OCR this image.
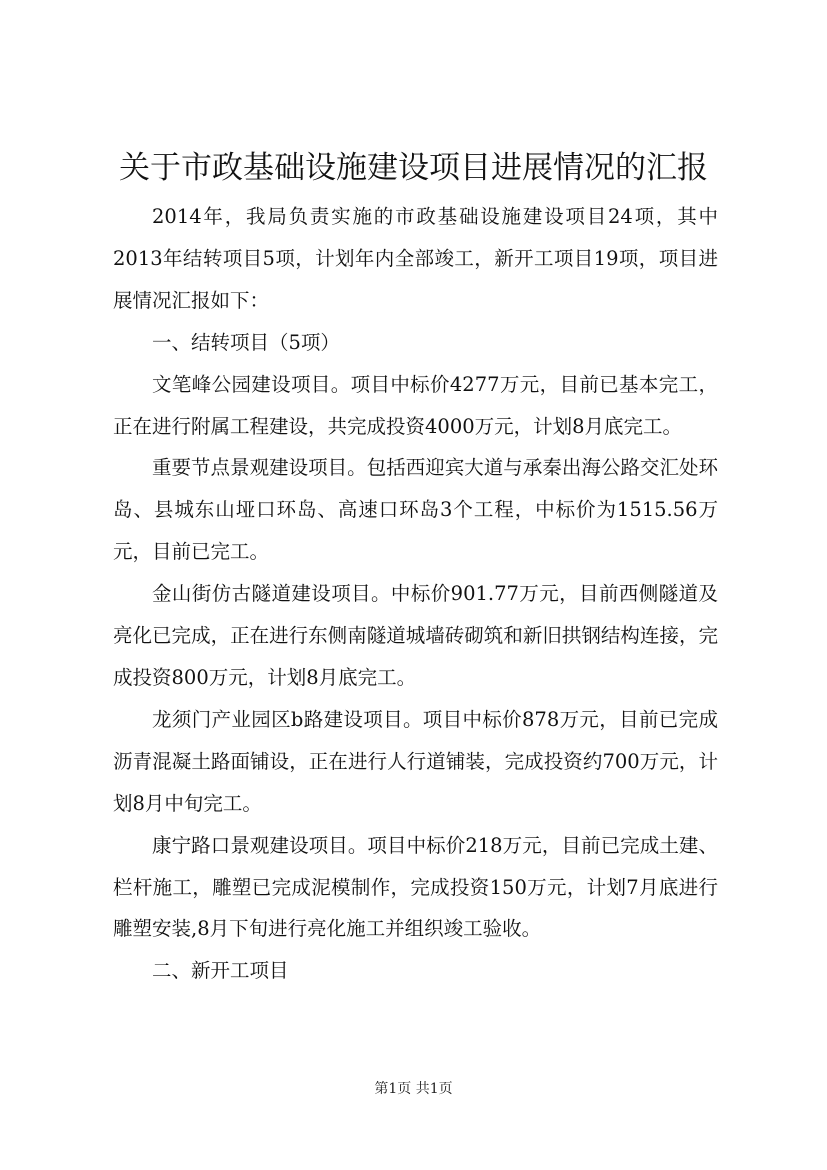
关于市政基础设施建设项目进展情况的汇报

2014年，我局负责实施的市政基础设施建设项目24项，其中2013年结转项目5项，计划年内全部竣工，新开工项目19项，项目进展情况汇报如下：

一、结转项目（5项）

文笔峰公园建设项目。项目中标价4277万元，目前已基本完工，正在进行附属工程建设，共完成投资4000万元，计划8月底完工。

重要节点景观建设项目。包括西迎宾大道与承秦出海公路交汇处环岛、县城东山垭口环岛、高速口环岛3个工程，中标价为1515.56万元，目前已完工。

金山街仿古隧道建设项目。中标价901.77万元，目前西侧隧道及亮化已完成，正在进行东侧南隧道城墙砖砌筑和新旧拱钢结构连接，完成投资800万元，计划8月底完工。

龙须门产业园区b路建设项目。项目中标价878万元，目前已完成沥青混凝土路面铺设，正在进行人行道铺装，完成投资约700万元，计划8月中旬完工。

康宁路口景观建设项目。项目中标价218万元，目前已完成土建、栏杆施工，雕塑已完成泥模制作，完成投资150万元，计划7月底进行雕塑安装,8月下旬进行亮化施工并组织竣工验收。

二、新开工项目

第1页 共1页
